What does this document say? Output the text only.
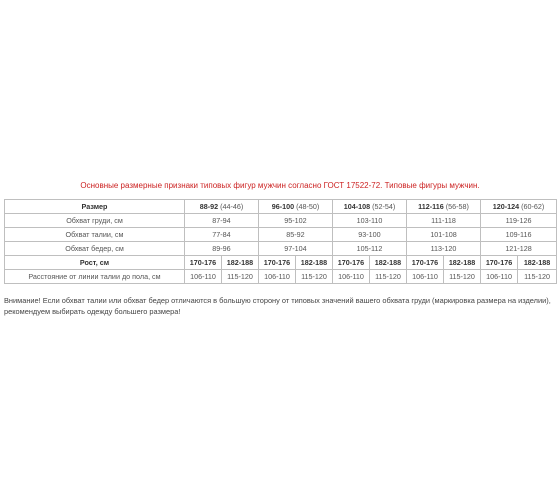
Основные размерные признаки типовых фигур мужчин согласно ГОСТ 17522-72. Типовые фигуры мужчин.
Размер	88-92 (44-46)		96-100 (48-50)		104-108 (52-54)		112-116 (56-58)		120-124 (60-62)	
Обхват груди, см	87-94		95-102		103-110		111-118		119-126	
Обхват талии, см	77-84		85-92		93-100		101-108		109-116	
Обхват бедер, см	89-96		97-104		105-112		113-120		121-128	
Рост, см	170-176	182-188	170-176	182-188	170-176	182-188	170-176	182-188	170-176	182-188
Расстояние от линии талии до пола, см	106-110	115-120	106-110	115-120	106-110	115-120	106-110	115-120	106-110	115-120
Внимание! Если обхват талии или обхват бедер отличаются в большую сторону от типовых значений вашего обхвата груди (маркировка размера на изделии), рекомендуем выбирать одежду большего размера!
